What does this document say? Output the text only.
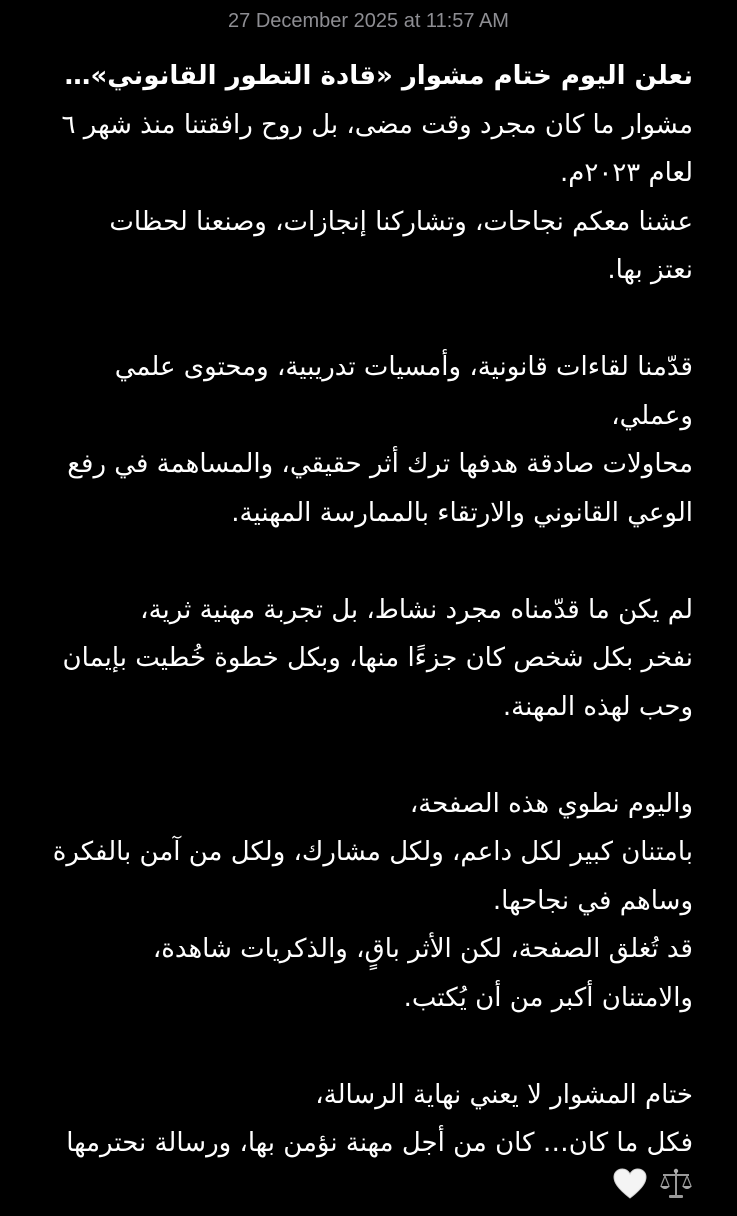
27 December 2025 at 11:57 AM
نعلن اليوم ختام مشوار «قادة التطور القانوني»…
مشوار ما كان مجرد وقت مضى، بل روح رافقتنا منذ شهر ٦
لعام ٢٠٢٣م.
عشنا معكم نجاحات، وتشاركنا إنجازات، وصنعنا لحظات
نعتز بها.
قدّمنا لقاءات قانونية، وأمسيات تدريبية، ومحتوى علمي
وعملي،
محاولات صادقة هدفها ترك أثر حقيقي، والمساهمة في رفع
الوعي القانوني والارتقاء بالممارسة المهنية.
لم يكن ما قدّمناه مجرد نشاط، بل تجربة مهنية ثرية،
نفخر بكل شخص كان جزءًا منها، وبكل خطوة خُطيت بإيمان
وحب لهذه المهنة.
واليوم نطوي هذه الصفحة،
بامتنان كبير لكل داعم، ولكل مشارك، ولكل من آمن بالفكرة
وساهم في نجاحها.
قد تُغلق الصفحة، لكن الأثر باقٍ، والذكريات شاهدة،
والامتنان أكبر من أن يُكتب.
ختام المشوار لا يعني نهاية الرسالة،
فكل ما كان… كان من أجل مهنة نؤمن بها، ورسالة نحترمها
